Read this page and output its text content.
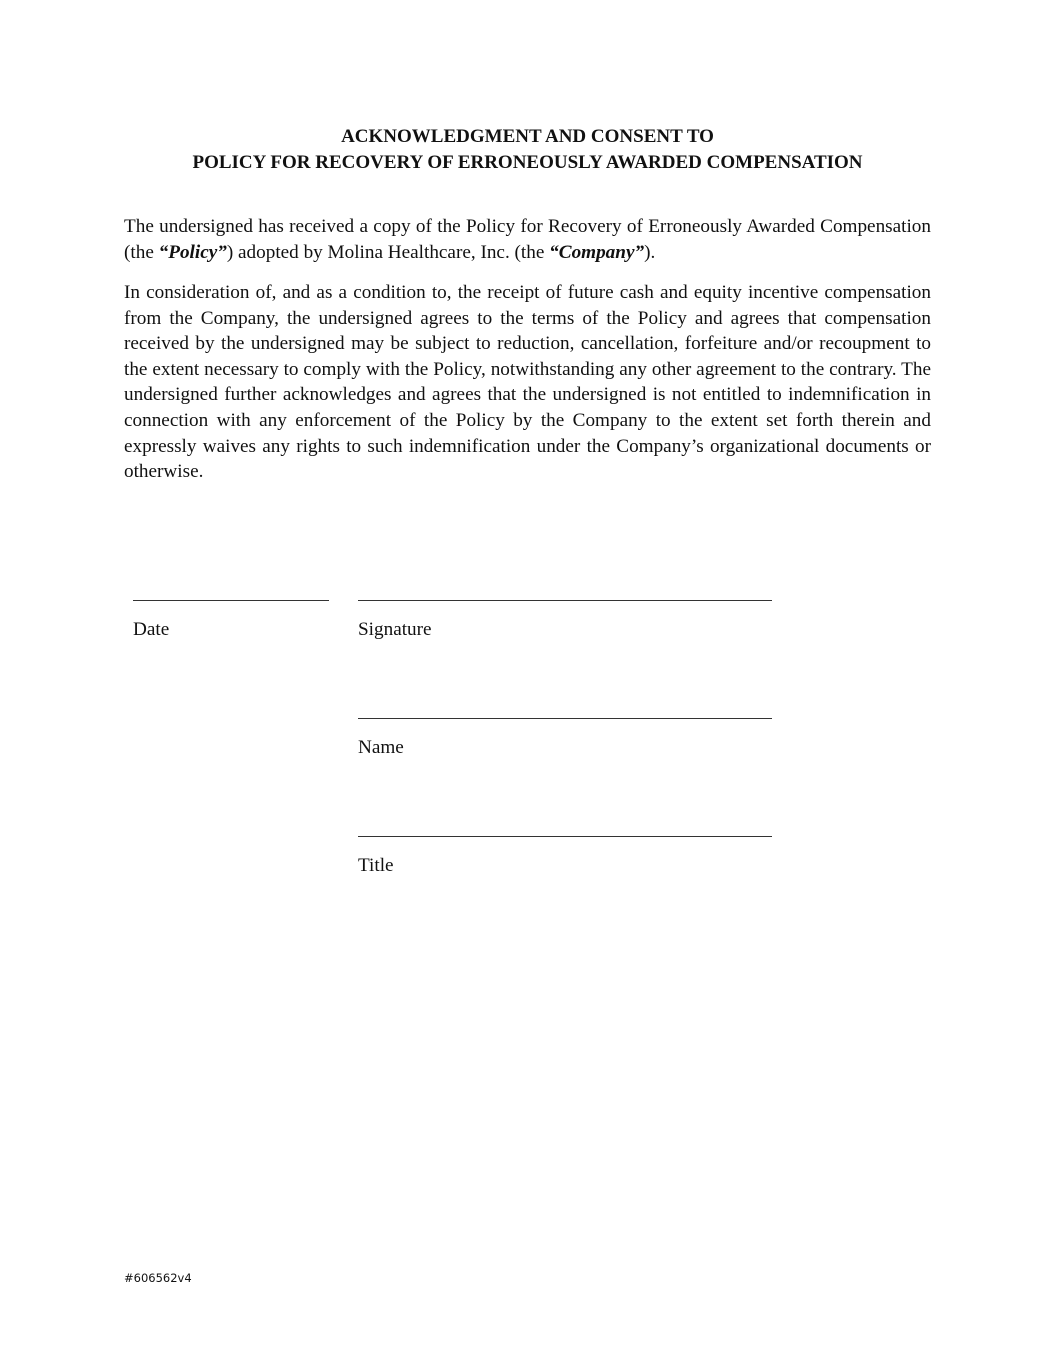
ACKNOWLEDGMENT AND CONSENT TO
POLICY FOR RECOVERY OF ERRONEOUSLY AWARDED COMPENSATION

The undersigned has received a copy of the Policy for Recovery of Erroneously Awarded Compensation (the “Policy”) adopted by Molina Healthcare, Inc. (the “Company”).

In consideration of, and as a condition to, the receipt of future cash and equity incentive compensation from the Company, the undersigned agrees to the terms of the Policy and agrees that compensation received by the undersigned may be subject to reduction, cancellation, forfeiture and/or recoupment to the extent necessary to comply with the Policy, notwithstanding any other agreement to the contrary. The undersigned further acknowledges and agrees that the undersigned is not entitled to indemnification in connection with any enforcement of the Policy by the Company to the extent set forth therein and expressly waives any rights to such indemnification under the Company’s organizational documents or otherwise.

Date	Signature
Name
Title
#606562v4
